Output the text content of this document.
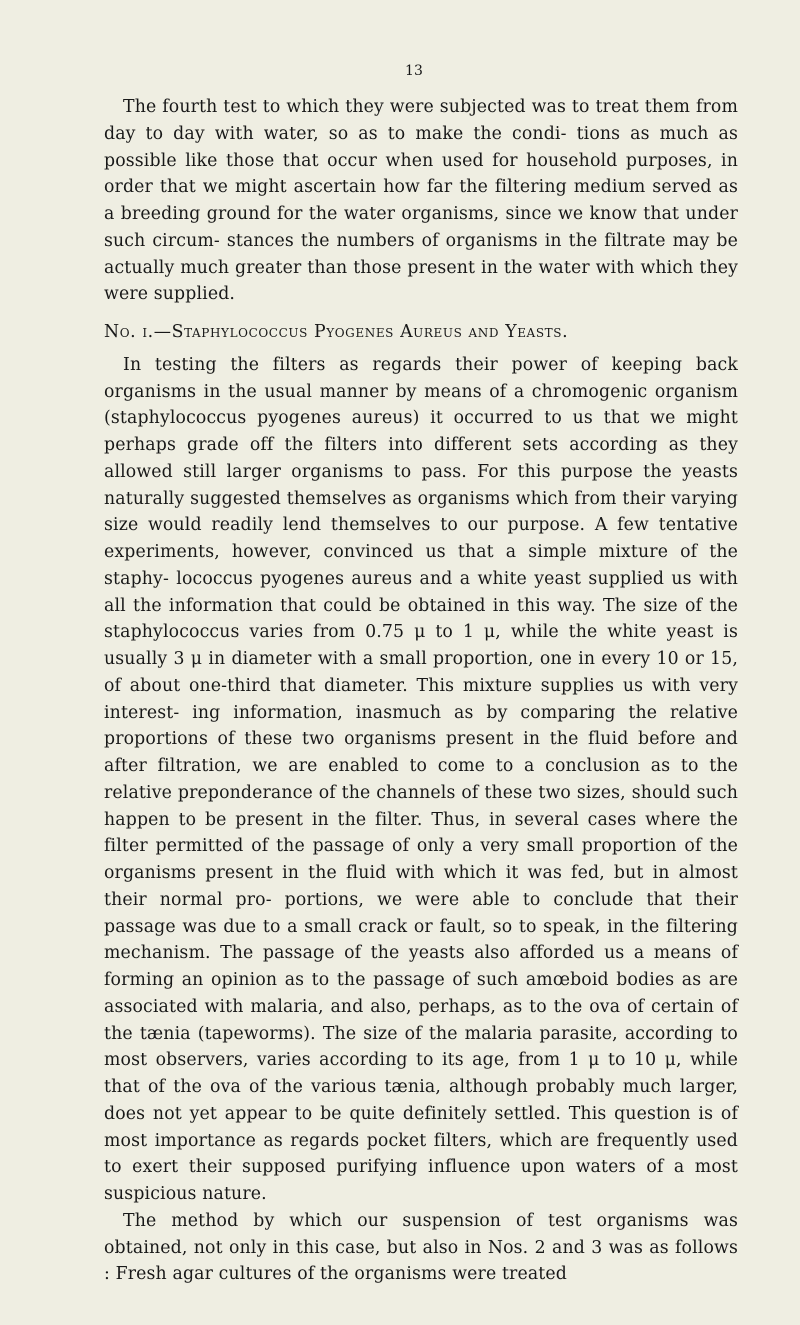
13

The fourth test to which they were subjected was to treat them from day to day with water, so as to make the condi- tions as much as possible like those that occur when used for household purposes, in order that we might ascertain how far the filtering medium served as a breeding ground for the water organisms, since we know that under such circum- stances the numbers of organisms in the filtrate may be actually much greater than those present in the water with which they were supplied.

No. i.—Staphylococcus Pyogenes Aureus and Yeasts.

In testing the filters as regards their power of keeping back organisms in the usual manner by means of a chromogenic organism (staphylococcus pyogenes aureus) it occurred to us that we might perhaps grade off the filters into different sets according as they allowed still larger organisms to pass. For this purpose the yeasts naturally suggested themselves as organisms which from their varying size would readily lend themselves to our purpose. A few tentative experiments, however, convinced us that a simple mixture of the staphy- lococcus pyogenes aureus and a white yeast supplied us with all the information that could be obtained in this way. The size of the staphylococcus varies from 0.75 μ to 1 μ, while the white yeast is usually 3 μ in diameter with a small proportion, one in every 10 or 15, of about one-third that diameter. This mixture supplies us with very interest- ing information, inasmuch as by comparing the relative proportions of these two organisms present in the fluid before and after filtration, we are enabled to come to a conclusion as to the relative preponderance of the channels of these two sizes, should such happen to be present in the filter. Thus, in several cases where the filter permitted of the passage of only a very small proportion of the organisms present in the fluid with which it was fed, but in almost their normal pro- portions, we were able to conclude that their passage was due to a small crack or fault, so to speak, in the filtering mechanism. The passage of the yeasts also afforded us a means of forming an opinion as to the passage of such amœboid bodies as are associated with malaria, and also, perhaps, as to the ova of certain of the tænia (tapeworms). The size of the malaria parasite, according to most observers, varies according to its age, from 1 μ to 10 μ, while that of the ova of the various tænia, although probably much larger, does not yet appear to be quite definitely settled. This question is of most importance as regards pocket filters, which are frequently used to exert their supposed purifying influence upon waters of a most suspicious nature.

The method by which our suspension of test organisms was obtained, not only in this case, but also in Nos. 2 and 3 was as follows : Fresh agar cultures of the organisms were treated
